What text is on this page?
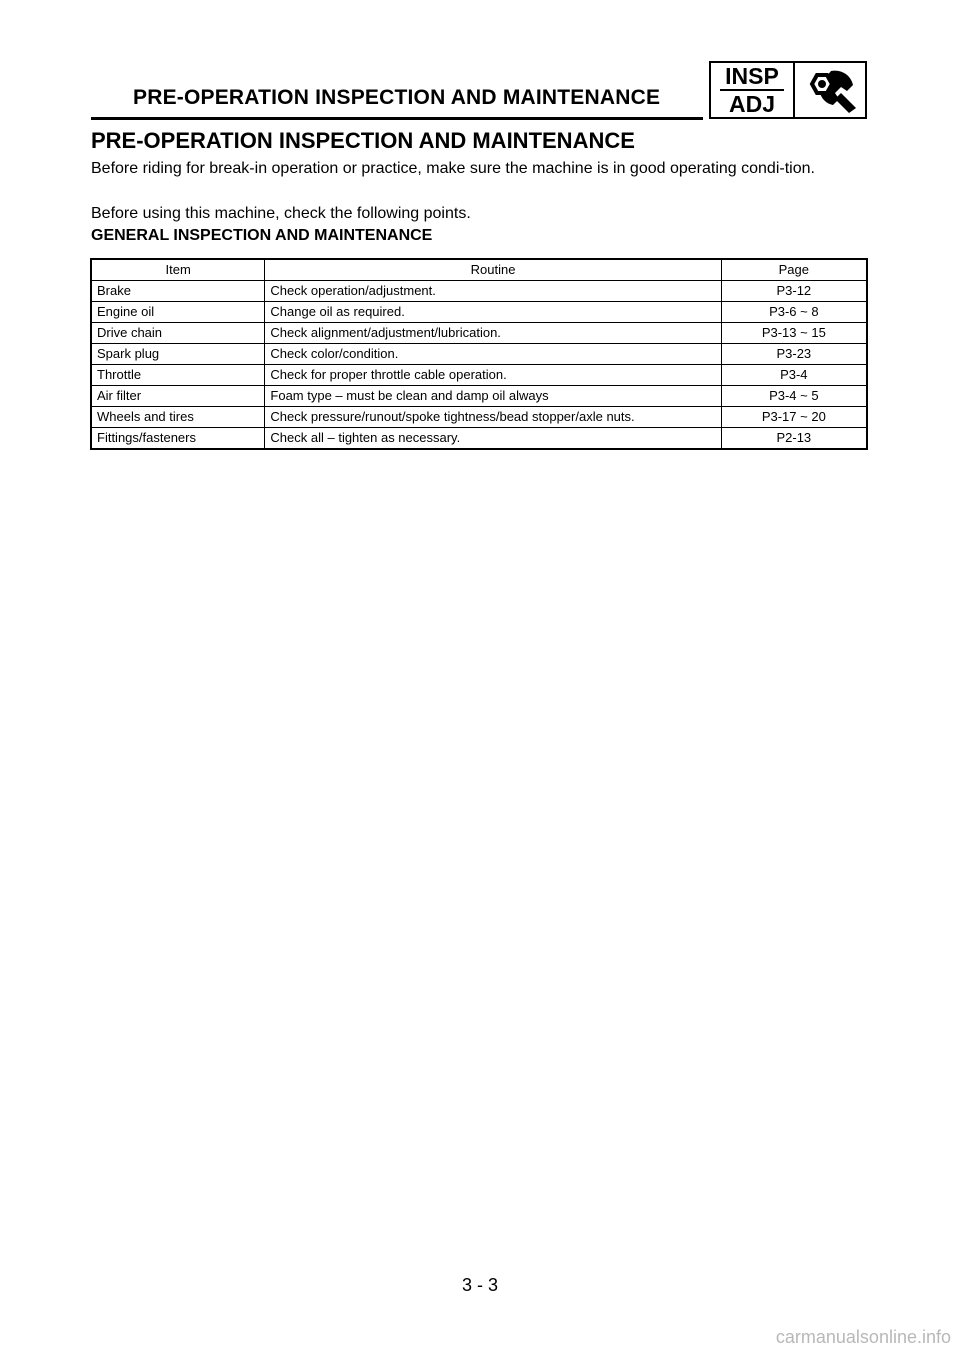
PRE-OPERATION INSPECTION AND MAINTENANCE
INSP
ADJ
PRE-OPERATION INSPECTION AND MAINTENANCE
Before riding for break-in operation or practice, make sure the machine is in good operating condi-tion.
Before using this machine, check the following points.
GENERAL INSPECTION AND MAINTENANCE
Item	Routine	Page
Brake	Check operation/adjustment.	P3-12
Engine oil	Change oil as required.	P3-6 ~ 8
Drive chain	Check alignment/adjustment/lubrication.	P3-13 ~ 15
Spark plug	Check color/condition.	P3-23
Throttle	Check for proper throttle cable operation.	P3-4
Air filter	Foam type – must be clean and damp oil always	P3-4 ~ 5
Wheels and tires	Check pressure/runout/spoke tightness/bead stopper/axle nuts.	P3-17 ~ 20
Fittings/fasteners	Check all – tighten as necessary.	P2-13
3 - 3
carmanualsonline.info
